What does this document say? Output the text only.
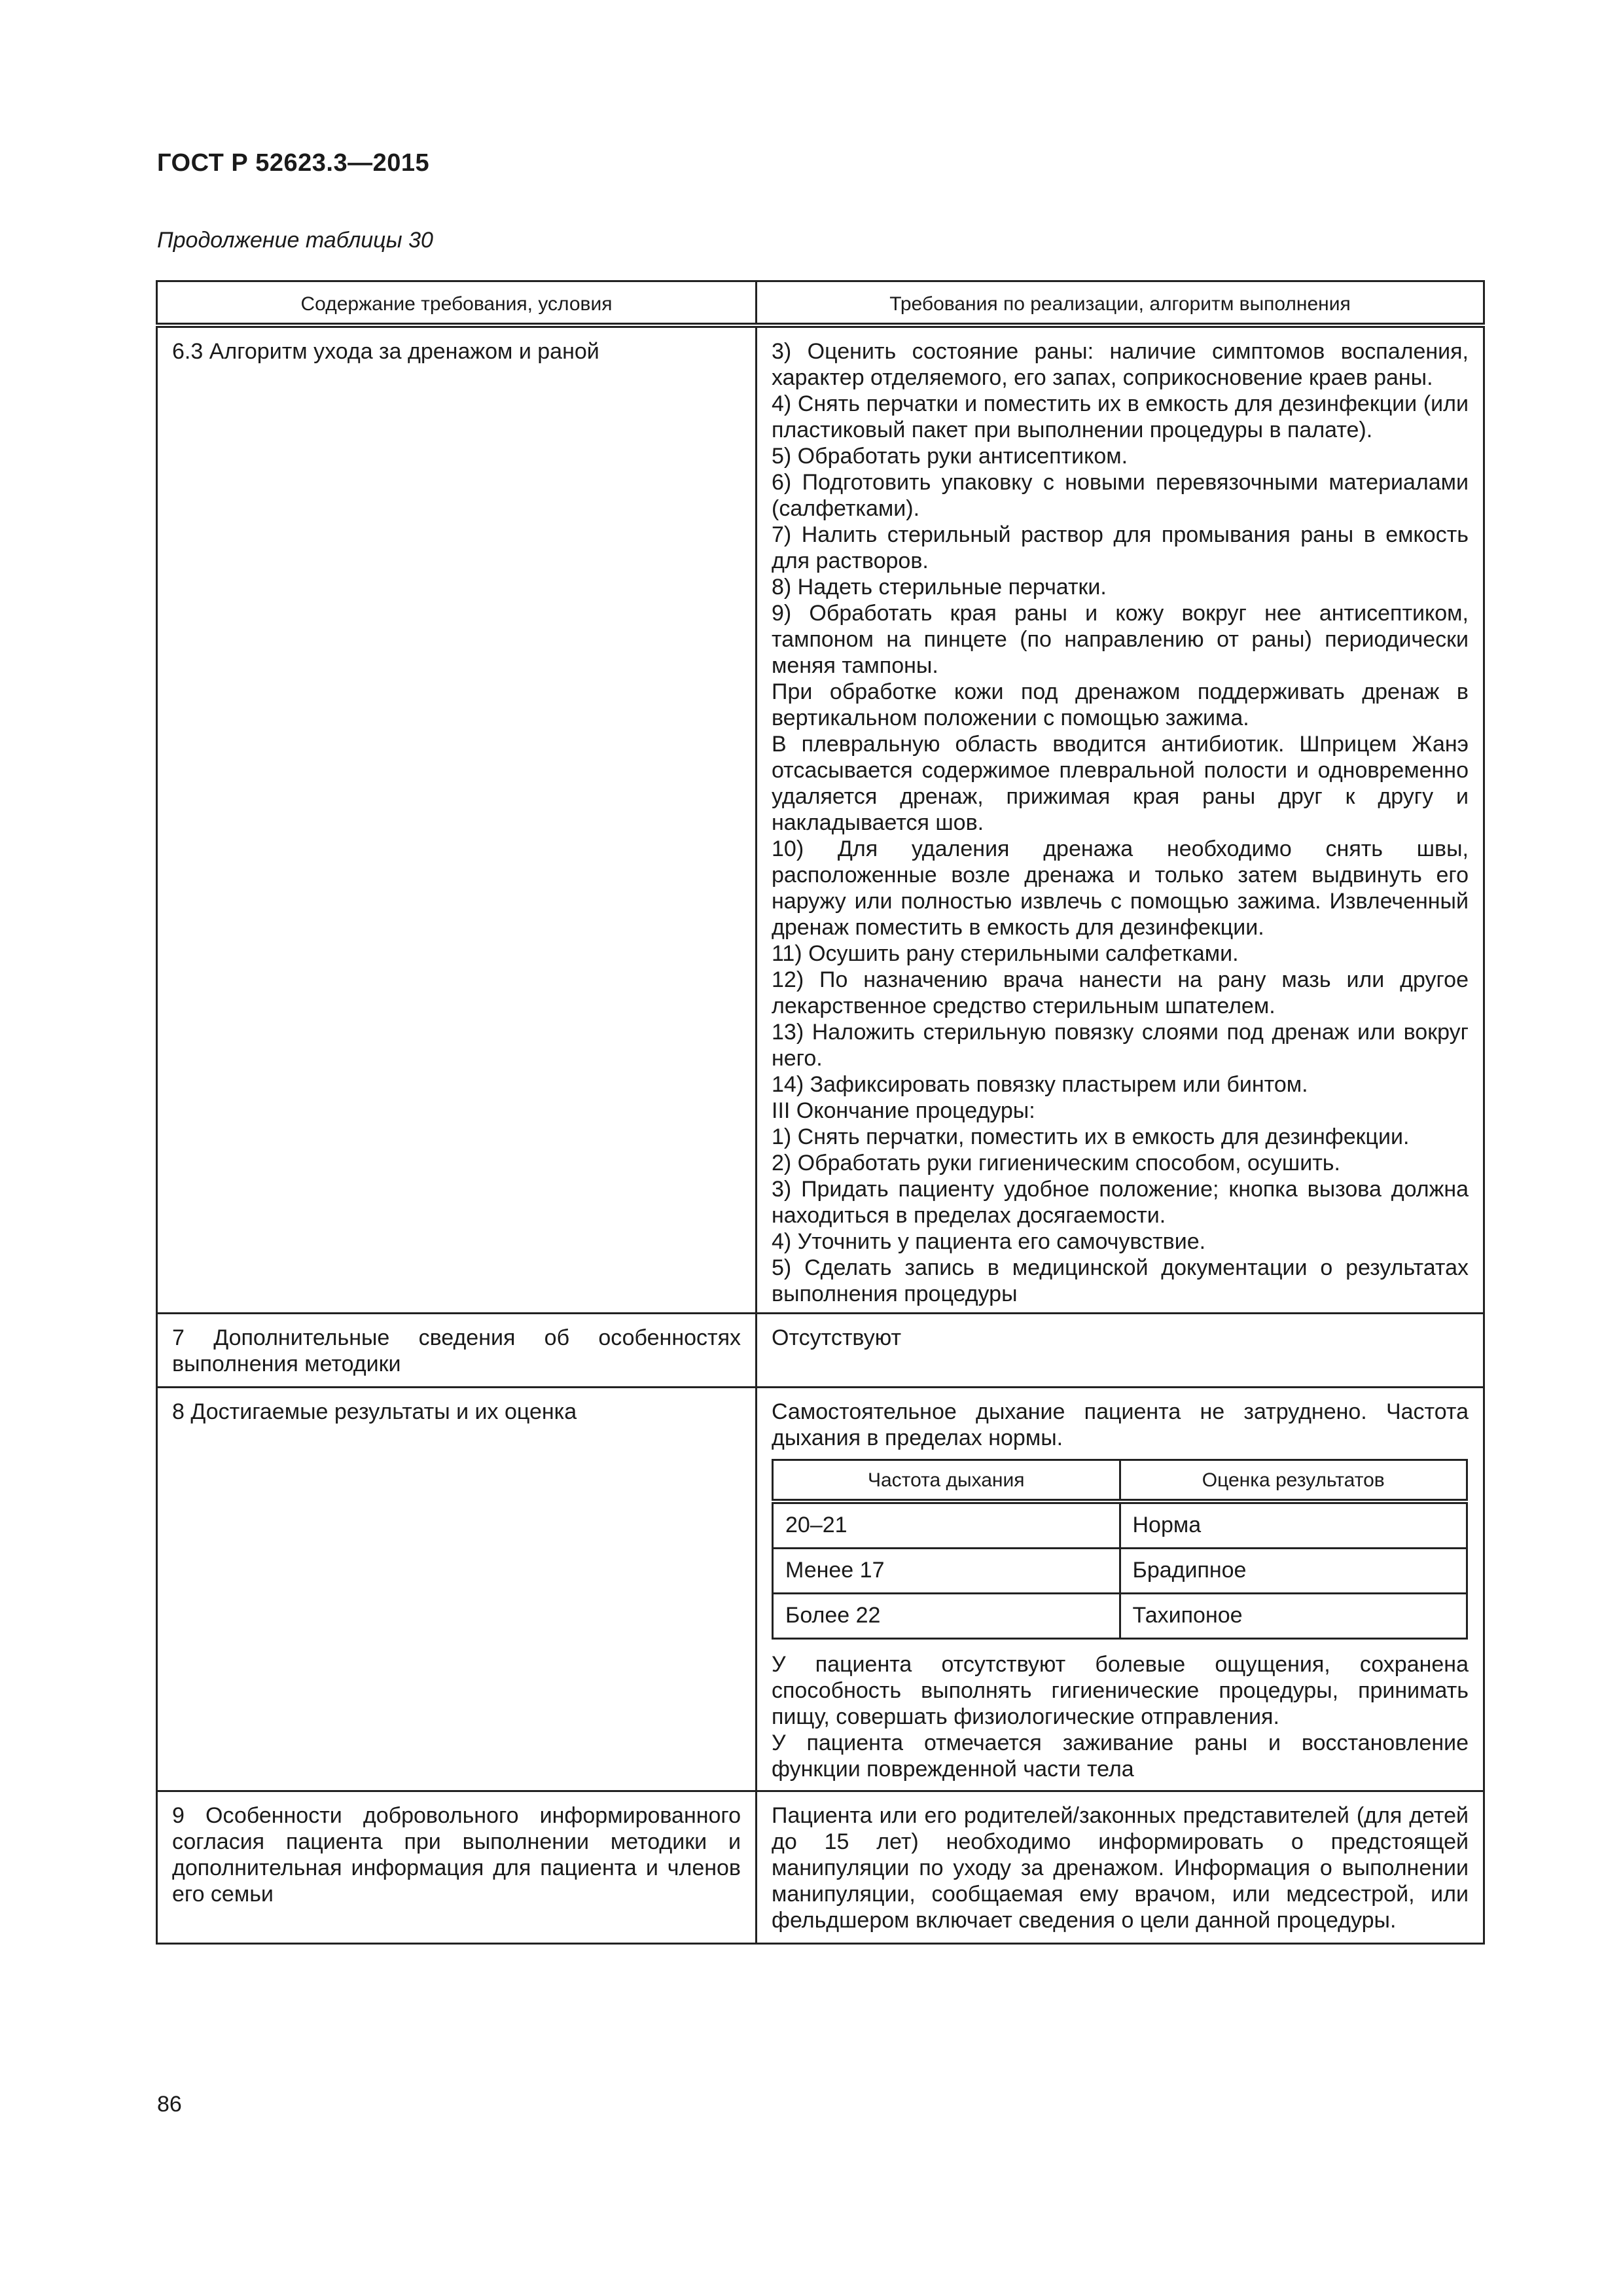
ГОСТ Р 52623.3—2015
Продолжение таблицы 30
Содержание требования, условия	Требования по реализации, алгоритм выполнения
6.3 Алгоритм ухода за дренажом и раной	3) Оценить состояние раны: наличие симптомов воспаления, характер отделяемого, его запах, соприкосновение краев раны.
4) Снять перчатки и поместить их в емкость для дезинфекции (или пластиковый пакет при выполнении процедуры в палате).
5) Обработать руки антисептиком.
6) Подготовить упаковку с новыми перевязочными материалами (салфетками).
7) Налить стерильный раствор для промывания раны в емкость для растворов.
8) Надеть стерильные перчатки.
9) Обработать края раны и кожу вокруг нее антисептиком, тампоном на пинцете (по направлению от раны) периодически меняя тампоны.
При обработке кожи под дренажом поддерживать дренаж в вертикальном положении с помощью зажима.
В плевральную область вводится антибиотик. Шприцем Жанэ отсасывается содержимое плевральной полости и одновременно удаляется дренаж, прижимая края раны друг к другу и накладывается шов.
10) Для удаления дренажа необходимо снять швы, расположенные возле дренажа и только затем выдвинуть его наружу или полностью извлечь с помощью зажима. Извлеченный дренаж поместить в емкость для дезинфекции.
11) Осушить рану стерильными салфетками.
12) По назначению врача нанести на рану мазь или другое лекарственное средство стерильным шпателем.
13) Наложить стерильную повязку слоями под дренаж или вокруг него.
14) Зафиксировать повязку пластырем или бинтом.
III Окончание процедуры:
1) Снять перчатки, поместить их в емкость для дезинфекции.
2) Обработать руки гигиеническим способом, осушить.
3) Придать пациенту удобное положение; кнопка вызова должна находиться в пределах досягаемости.
4) Уточнить у пациента его самочувствие.
5) Сделать запись в медицинской документации о результатах выполнения процедуры

7 Дополнительные сведения об особенностях выполнения методики	Отсутствуют
8 Достигаемые результаты и их оценка	Самостоятельное дыхание пациента не затруднено. Частота дыхания в пределах нормы.
Частота дыхания	Оценка результатов
20–21	Норма
Менее 17	Брадипное
Более 22	Тахипоное
У пациента отсутствуют болевые ощущения, сохранена способность выполнять гигиенические процедуры, принимать пищу, совершать физиологические отправления.
У пациента отмечается заживание раны и восстановление функции поврежденной части тела

9 Особенности добровольного информированного согласия пациента при выполнении методики и дополнительная информация для пациента и членов его семьи	Пациента или его родителей/законных представителей (для детей до 15 лет) необходимо информировать о предстоящей манипуляции по уходу за дренажом. Информация о выполнении манипуляции, сообщаемая ему врачом, или медсестрой, или фельдшером включает сведения о цели данной процедуры.
86
